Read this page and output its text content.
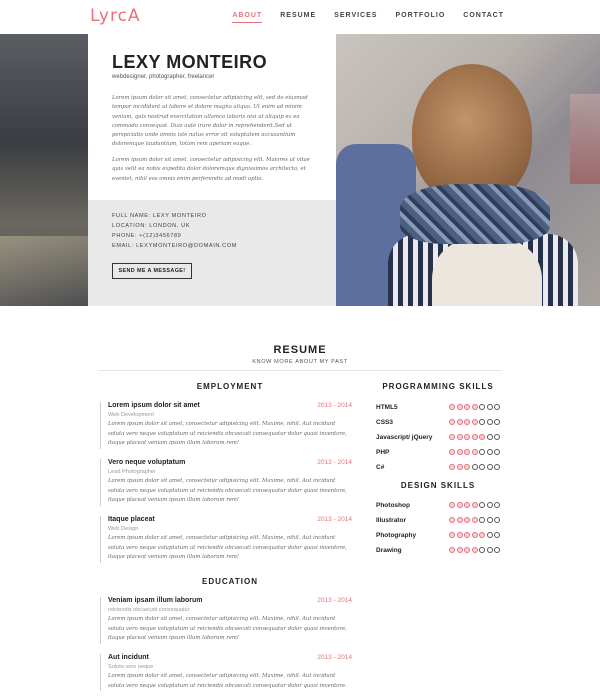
LyrcA	ABOUT	RESUME	SERVICES	PORTFOLIO	CONTACT
LEXY MONTEIRO
webdesigner, photographer, freelancer

Lorem ipsum dolor sit amet, consectetur adipisicing elit, sed do eiusmod tempor incididunt ut labore et dolore magna aliqua. Ut enim ad minim veniam, quis nostrud exercitation ullamco laboris nisi ut aliquip ex ea commodo consequat. Duis aute irure dolor in reprehenderit.Sed ut perspiciatis unde omnis iste natus error sit voluptatem accusantium doloremque laudantium, totam rem aperiam eaque.

Lorem ipsum dolor sit amet, consectetur adipisicing elit. Maiores ut vitae quis velit ea nobis expedita dolor doloremque dignissimos architecto, et eveniet, nihil eos omnis enim perferendis ad modi optio.

FULL NAME: LEXY MONTEIRO
LOCATION: LONDON, UK
PHONE: +(12)3456789
EMAIL: LEXYMONTEIRO@DOMAIN.COM
SEND ME A MESSAGE!
RESUME
KNOW MORE ABOUT MY PAST
EMPLOYMENT	PROGRAMMING SKILLS
Lorem ipsum dolor sit amet	2013 - 2014
Web Development
Lorem ipsum dolor sit amet, consectetur adipisicing elit. Maxime, nihil. Aut incidunt soluta vero neque voluptatum ut reiciendis obcaecati consequatur dolor quasi inventore, itaque placeat veniam ipsum illum laborum rem!
Vero neque voluptatum	2013 - 2014
Lead Photographer
Lorem ipsum dolor sit amet, consectetur adipisicing elit. Maxime, nihil. Aut incidunt soluta vero neque voluptatum ut reiciendis obcaecati consequatur dolor quasi inventore, itaque placeat veniam ipsum illum laborum rem!
Itaque placeat	2013 - 2014
Web Design
Lorem ipsum dolor sit amet, consectetur adipisicing elit. Maxime, nihil. Aut incidunt soluta vero neque voluptatum ut reiciendis obcaecati consequatur dolor quasi inventore, itaque placeat veniam ipsum illum laborum rem!
EDUCATION
Veniam ipsam illum laborum	2013 - 2014
reiciendis obcaecati consequatur
Lorem ipsum dolor sit amet, consectetur adipisicing elit. Maxime, nihil. Aut incidunt soluta vero neque voluptatum ut reiciendis obcaecati consequatur dolor quasi inventore, itaque placeat veniam ipsum illum laborum rem!
Aut incidunt	2013 - 2014
Soluta vero neque
Lorem ipsum dolor sit amet, consectetur adipisicing elit. Maxime, nihil. Aut incidunt soluta vero neque voluptatum ut reiciendis obcaecati consequatur dolor quasi inventore.
HTML5
CSS3
Javascript/ jQuery
PHP
C#
DESIGN SKILLS
Photoshop
Illustrator
Photography
Drawing
